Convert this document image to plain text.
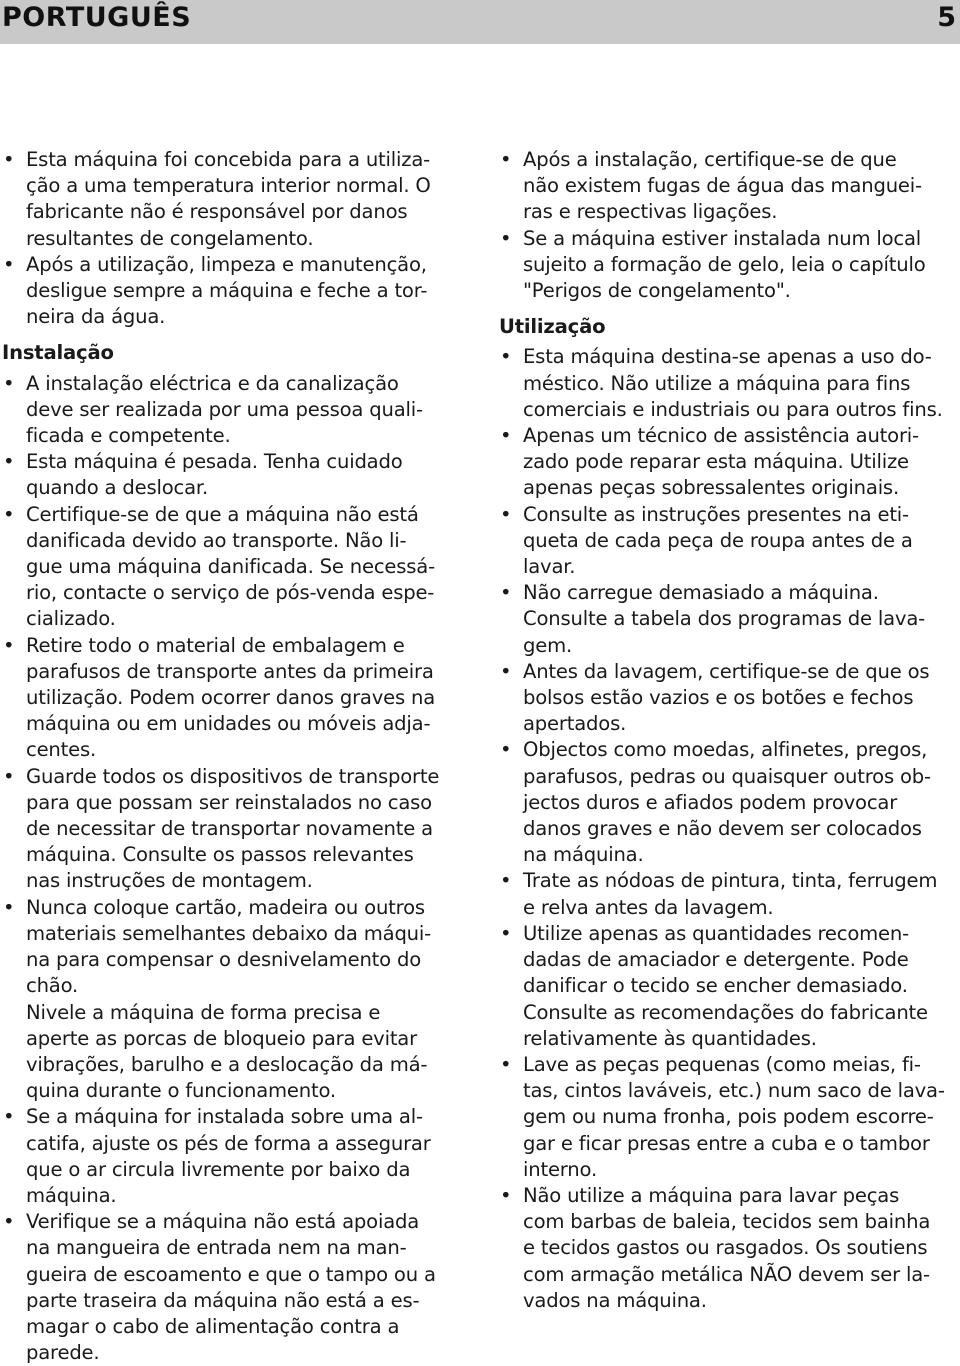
PORTUGUÊS	5
• Esta máquina foi concebida para a utiliza-
ção a uma temperatura interior normal. O
fabricante não é responsável por danos
resultantes de congelamento.
• Após a utilização, limpeza e manutenção,
desligue sempre a máquina e feche a tor-
neira da água.
Instalação
• A instalação eléctrica e da canalização
deve ser realizada por uma pessoa quali-
ficada e competente.
• Esta máquina é pesada. Tenha cuidado
quando a deslocar.
• Certifique-se de que a máquina não está
danificada devido ao transporte. Não li-
gue uma máquina danificada. Se necessá-
rio, contacte o serviço de pós-venda espe-
cializado.
• Retire todo o material de embalagem e
parafusos de transporte antes da primeira
utilização. Podem ocorrer danos graves na
máquina ou em unidades ou móveis adja-
centes.
• Guarde todos os dispositivos de transporte
para que possam ser reinstalados no caso
de necessitar de transportar novamente a
máquina. Consulte os passos relevantes
nas instruções de montagem.
• Nunca coloque cartão, madeira ou outros
materiais semelhantes debaixo da máqui-
na para compensar o desnivelamento do
chão.
Nivele a máquina de forma precisa e
aperte as porcas de bloqueio para evitar
vibrações, barulho e a deslocação da má-
quina durante o funcionamento.
• Se a máquina for instalada sobre uma al-
catifa, ajuste os pés de forma a assegurar
que o ar circula livremente por baixo da
máquina.
• Verifique se a máquina não está apoiada
na mangueira de entrada nem na man-
gueira de escoamento e que o tampo ou a
parte traseira da máquina não está a es-
magar o cabo de alimentação contra a
parede.
• Após a instalação, certifique-se de que
não existem fugas de água das manguei-
ras e respectivas ligações.
• Se a máquina estiver instalada num local
sujeito a formação de gelo, leia o capítulo
"Perigos de congelamento".
Utilização
• Esta máquina destina-se apenas a uso do-
méstico. Não utilize a máquina para fins
comerciais e industriais ou para outros fins.
• Apenas um técnico de assistência autori-
zado pode reparar esta máquina. Utilize
apenas peças sobressalentes originais.
• Consulte as instruções presentes na eti-
queta de cada peça de roupa antes de a
lavar.
• Não carregue demasiado a máquina.
Consulte a tabela dos programas de lava-
gem.
• Antes da lavagem, certifique-se de que os
bolsos estão vazios e os botões e fechos
apertados.
• Objectos como moedas, alfinetes, pregos,
parafusos, pedras ou quaisquer outros ob-
jectos duros e afiados podem provocar
danos graves e não devem ser colocados
na máquina.
• Trate as nódoas de pintura, tinta, ferrugem
e relva antes da lavagem.
• Utilize apenas as quantidades recomen-
dadas de amaciador e detergente. Pode
danificar o tecido se encher demasiado.
Consulte as recomendações do fabricante
relativamente às quantidades.
• Lave as peças pequenas (como meias, fi-
tas, cintos laváveis, etc.) num saco de lava-
gem ou numa fronha, pois podem escorre-
gar e ficar presas entre a cuba e o tambor
interno.
• Não utilize a máquina para lavar peças
com barbas de baleia, tecidos sem bainha
e tecidos gastos ou rasgados. Os soutiens
com armação metálica NÃO devem ser la-
vados na máquina.
